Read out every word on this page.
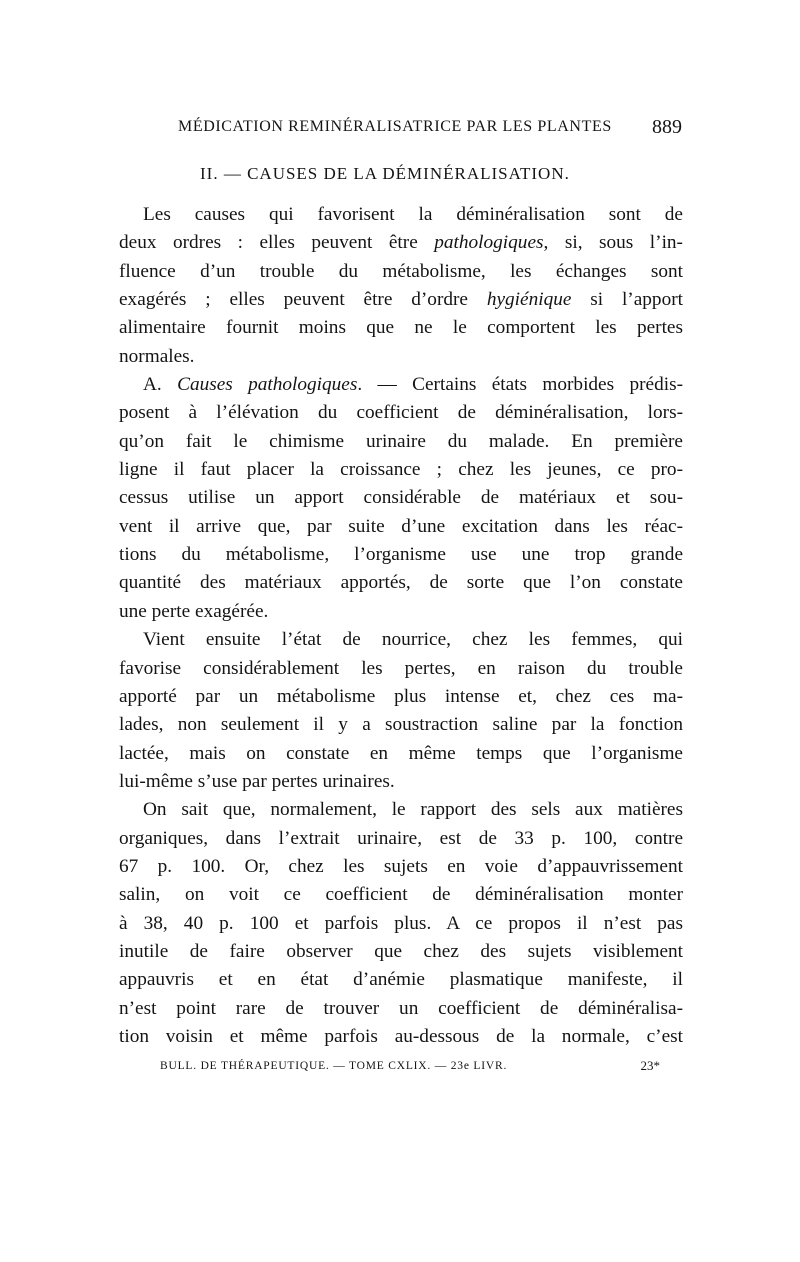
MÉDICATION REMINÉRALISATRICE PAR LES PLANTES 889
II. — CAUSES DE LA DÉMINÉRALISATION.
Les causes qui favorisent la déminéralisation sont de
deux ordres : elles peuvent être pathologiques, si, sous l’in-
fluence d’un trouble du métabolisme, les échanges sont
exagérés ; elles peuvent être d’ordre hygiénique si l’apport
alimentaire fournit moins que ne le comportent les pertes
normales.
A. Causes pathologiques. — Certains états morbides prédis-
posent à l’élévation du coefficient de déminéralisation, lors-
qu’on fait le chimisme urinaire du malade. En première
ligne il faut placer la croissance ; chez les jeunes, ce pro-
cessus utilise un apport considérable de matériaux et sou-
vent il arrive que, par suite d’une excitation dans les réac-
tions du métabolisme, l’organisme use une trop grande
quantité des matériaux apportés, de sorte que l’on constate
une perte exagérée.
Vient ensuite l’état de nourrice, chez les femmes, qui
favorise considérablement les pertes, en raison du trouble
apporté par un métabolisme plus intense et, chez ces ma-
lades, non seulement il y a soustraction saline par la fonction
lactée, mais on constate en même temps que l’organisme
lui-même s’use par pertes urinaires.
On sait que, normalement, le rapport des sels aux matières
organiques, dans l’extrait urinaire, est de 33 p. 100, contre
67 p. 100. Or, chez les sujets en voie d’appauvrissement
salin, on voit ce coefficient de déminéralisation monter
à 38, 40 p. 100 et parfois plus. A ce propos il n’est pas
inutile de faire observer que chez des sujets visiblement
appauvris et en état d’anémie plasmatique manifeste, il
n’est point rare de trouver un coefficient de déminéralisa-
tion voisin et même parfois au-dessous de la normale, c’est
BULL. DE THÉRAPEUTIQUE. — TOME CXLIX. — 23e LIVR.	23*
